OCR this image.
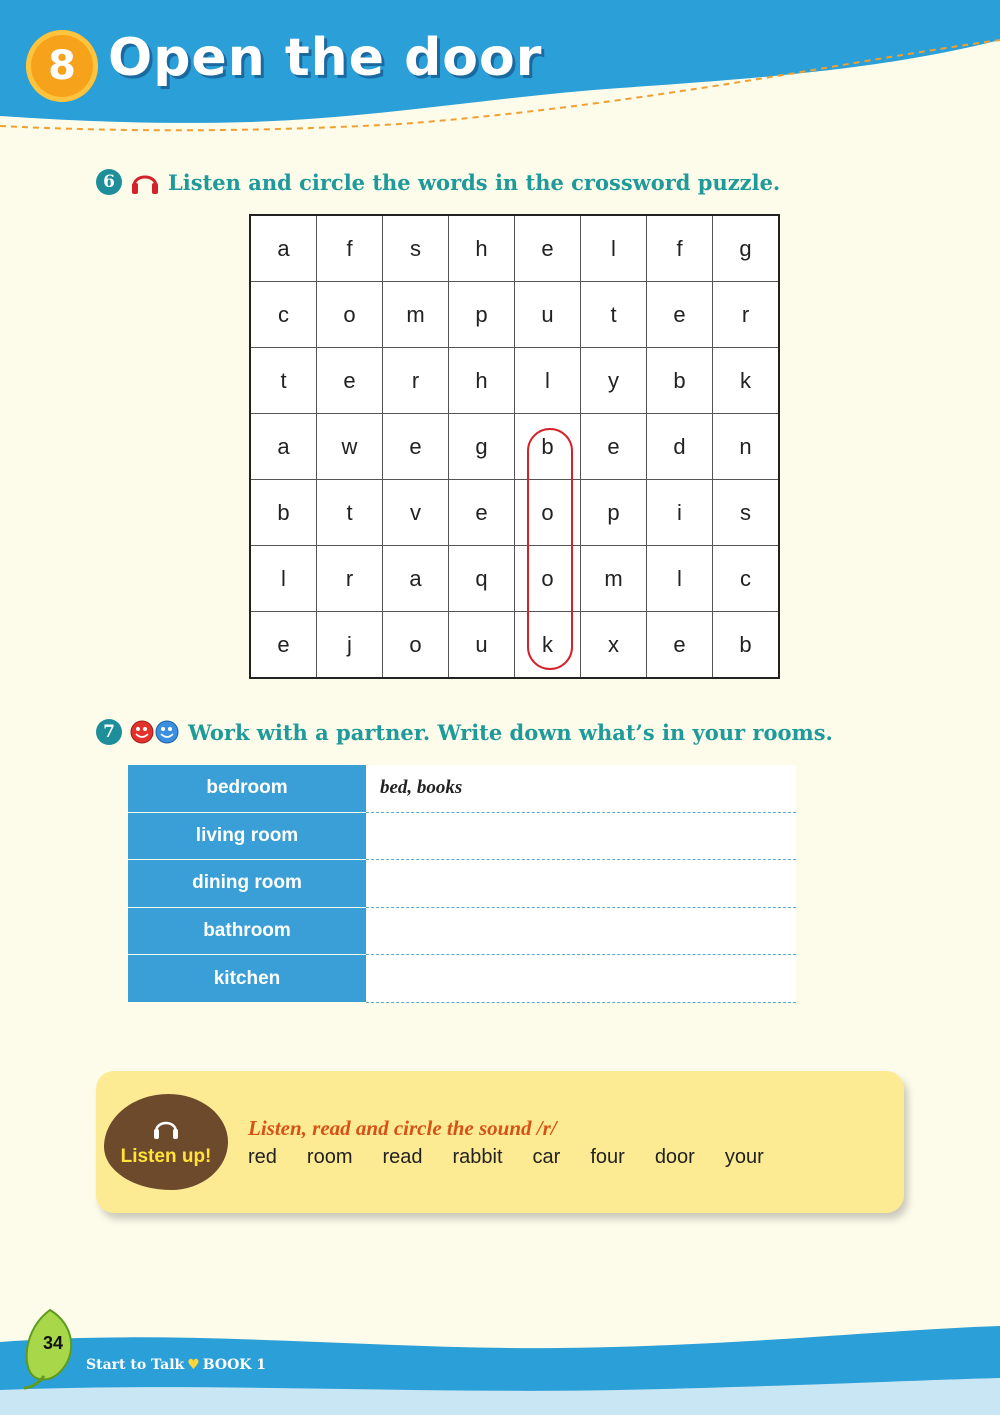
8 Open the door
6	Listen and circle the words in the crossword puzzle.
a	f	s	h	e	l	f	g
c	o	m	p	u	t	e	r
t	e	r	h	l	y	b	k
a	w	e	g	b	e	d	n
b	t	v	e	o	p	i	s
l	r	a	q	o	m	l	c
e	j	o	u	k	x	e	b
7	Work with a partner. Write down what’s in your rooms.
bedroom	bed, books
living room
dining room
bathroom
kitchen
Listen up!
Listen, read and circle the sound /r/
red room read rabbit car four door your
34
Start to Talk ♥ BOOK 1
